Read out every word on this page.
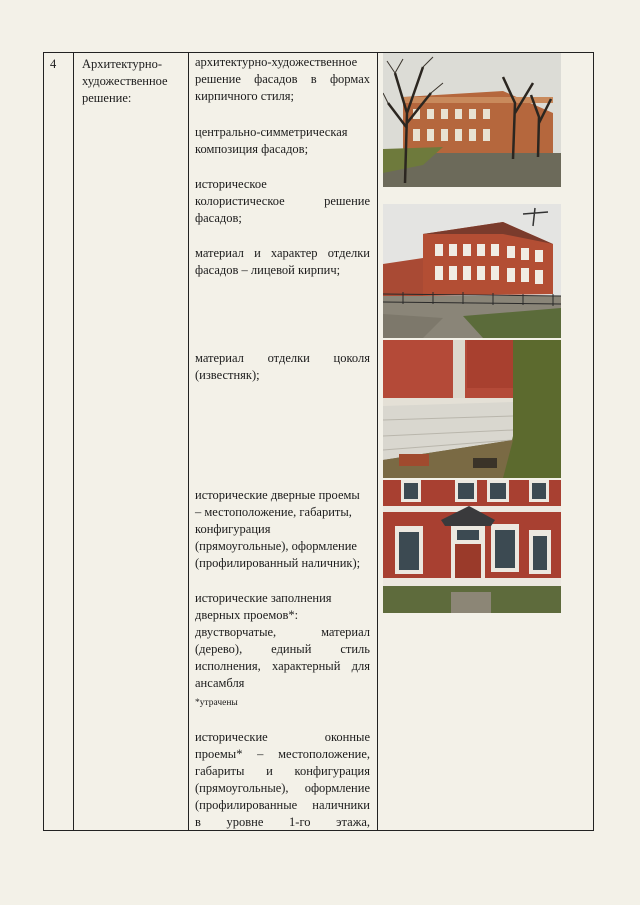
4 Архитектурно-
художественное
решение:
архитектурно-художественное
решение фасадов в формах
кирпичного стиля;
центрально-симметрическая
композиция фасадов;
историческое
колористическое решение
фасадов;
материал и характер отделки
фасадов – лицевой кирпич;
материал отделки цоколя
(известняк);
исторические дверные проемы
– местоположение, габариты,
конфигурация
(прямоугольные), оформление
(профилированный наличник);
исторические заполнения
дверных проемов*:
двустворчатые, материал
(дерево), единый стиль
исполнения, характерный для
ансамбля
*утрачены
исторические оконные
проемы* – местоположение,
габариты и конфигурация
(прямоугольные), оформление
(профилированные наличники
в уровне 1-го этажа,
